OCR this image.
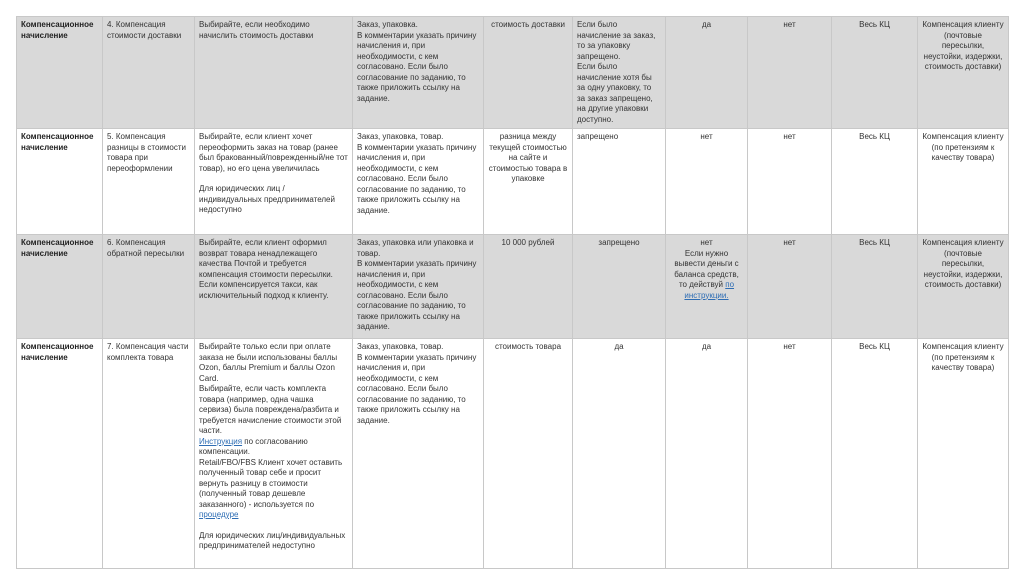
Компенсационное начисление	4. Компенсация стоимости доставки	Выбирайте, если необходимо начислить стоимость доставки	Заказ, упаковка.
В комментарии указать причину начисления и, при необходимости, с кем согласовано. Если было согласование по заданию, то также приложить ссылку на задание.	стоимость доставки	Если было начисление за заказ, то за упаковку запрещено.
Если было начисление хотя бы за одну упаковку, то за заказ запрещено, на другие упаковки доступно.	да	нет	Весь КЦ	Компенсация клиенту (почтовые пересылки, неустойки, издержки, стоимость доставки)
Компенсационное начисление	5. Компенсация разницы в стоимости товара при переоформлении	Выбирайте, если клиент хочет переоформить заказ на товар (ранее был бракованный/поврежденный/не тот товар), но его цена увеличилась
Для юридических лиц / индивидуальных предпринимателей недоступно	Заказ, упаковка, товар.
В комментарии указать причину начисления и, при необходимости, с кем согласовано. Если было согласование по заданию, то также приложить ссылку на задание.	разница между текущей стоимостью на сайте и стоимостью товара в упаковке	запрещено	нет	нет	Весь КЦ	Компенсация клиенту (по претензиям к качеству товара)
Компенсационное начисление	6. Компенсация обратной пересылки	Выбирайте, если клиент оформил возврат товара ненадлежащего качества Почтой и требуется компенсация стоимости пересылки.
Если компенсируется такси, как исключительный подход к клиенту.	Заказ, упаковка или упаковка и товар.
В комментарии указать причину начисления и, при необходимости, с кем согласовано. Если было согласование по заданию, то также приложить ссылку на задание.	10 000 рублей	запрещено	нет
Если нужно вывести деньги с баланса средств, то действуй по инструкции.	нет	Весь КЦ	Компенсация клиенту (почтовые пересылки, неустойки, издержки, стоимость доставки)
Компенсационное начисление	7. Компенсация части комплекта товара	Выбирайте только если при оплате заказа не были использованы баллы Ozon, баллы Premium и баллы Ozon Card.
Выбирайте, если часть комплекта товара (например, одна чашка сервиза) была повреждена/разбита и требуется начисление стоимости этой части.
Инструкция по согласованию компенсации.
Retail/FBO/FBS Клиент хочет оставить полученный товар себе и просит вернуть разницу в стоимости (полученный товар дешевле заказанного) - используется по процедуре
Для юридических лиц/индивидуальных предпринимателей недоступно	Заказ, упаковка, товар.
В комментарии указать причину начисления и, при необходимости, с кем согласовано. Если было согласование по заданию, то также приложить ссылку на задание.	стоимость товара	да	да	нет	Весь КЦ	Компенсация клиенту (по претензиям к качеству товара)
